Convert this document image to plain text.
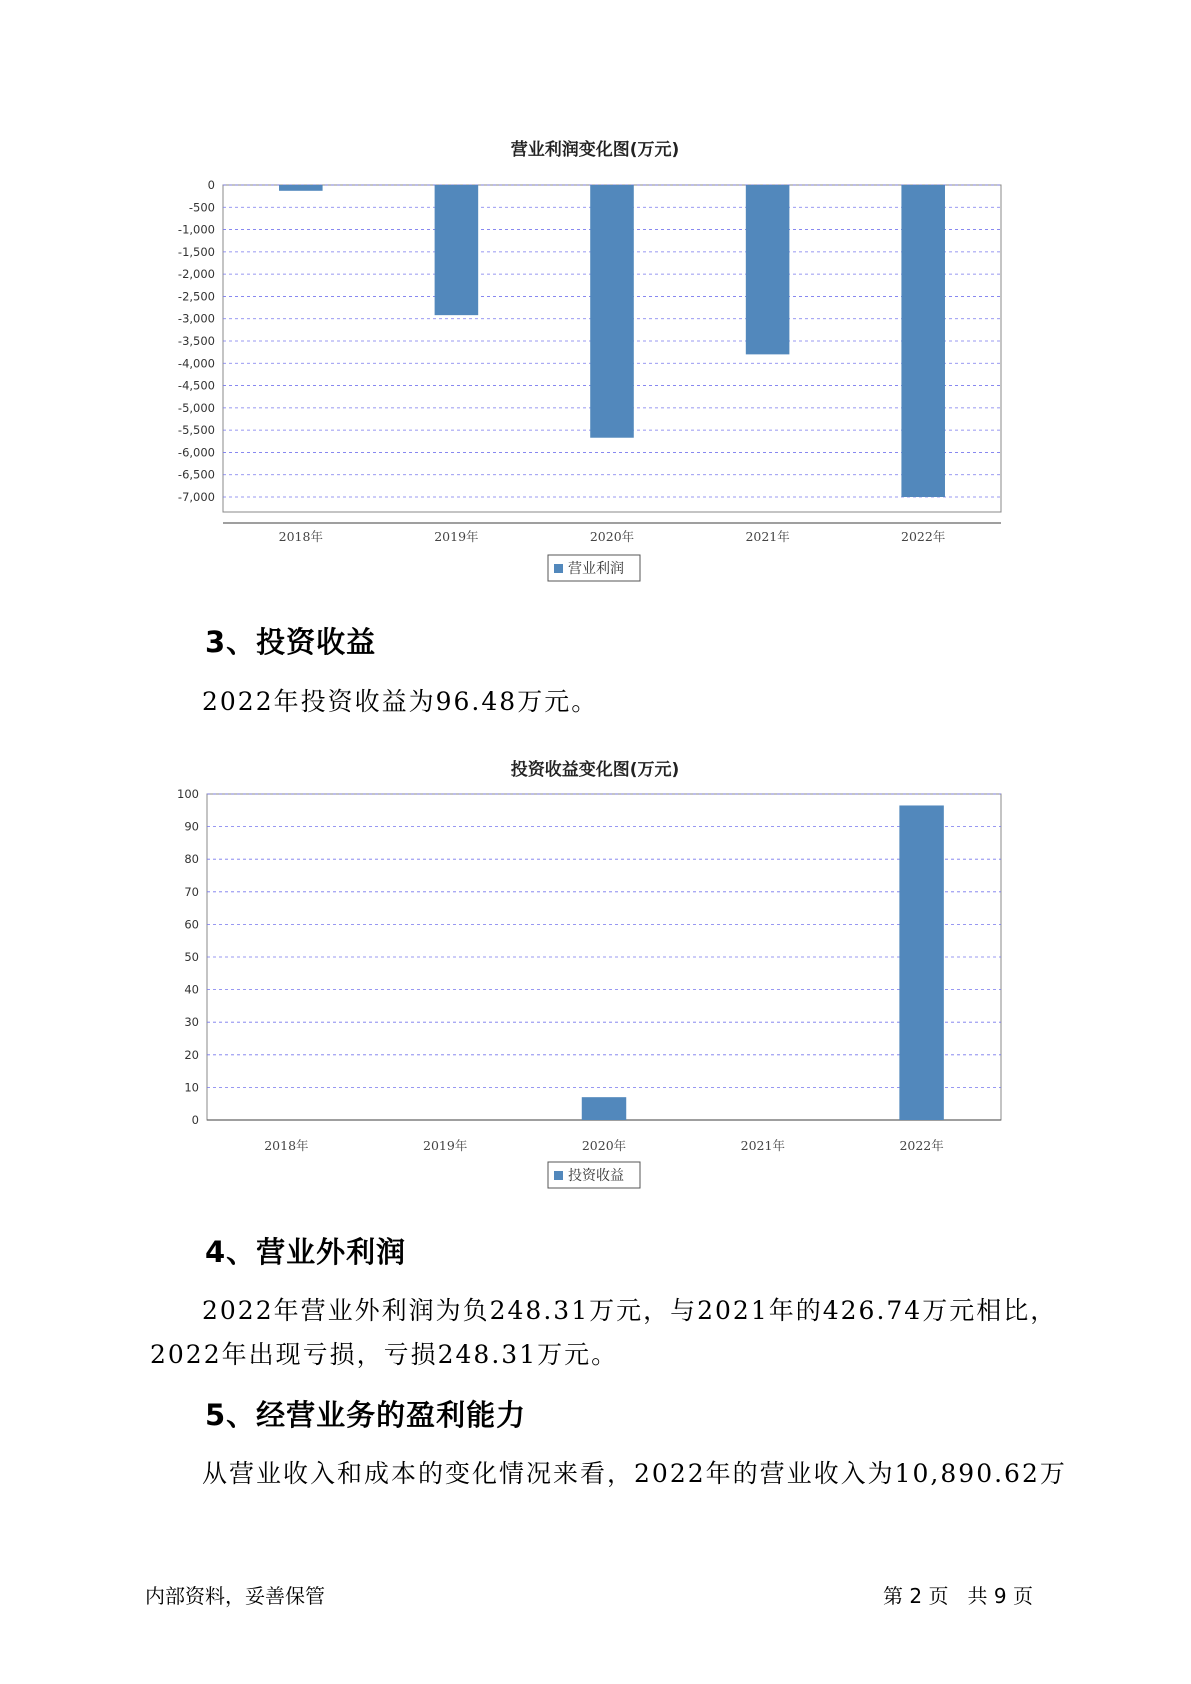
营业利润变化图(万元)
0
-500
-1,000
-1,500
-2,000
-2,500
-3,000
-3,500
-4,000
-4,500
-5,000
-5,500
-6,000
-6,500
-7,000
2018年	2019年	2020年	2021年	2022年
营业利润
3、投资收益

2022年投资收益为96.48万元。

投资收益变化图(万元)
0
10
20
30
40
50
60
70
80
90
100
2018年	2019年	2020年	2021年	2022年
投资收益
4、营业外利润

2022年营业外利润为负248.31万元，与2021年的426.74万元相比，2022年出现亏损，亏损248.31万元。

5、经营业务的盈利能力

从营业收入和成本的变化情况来看，2022年的营业收入为10,890.62万

内部资料，妥善保管	第 2 页   共 9 页
